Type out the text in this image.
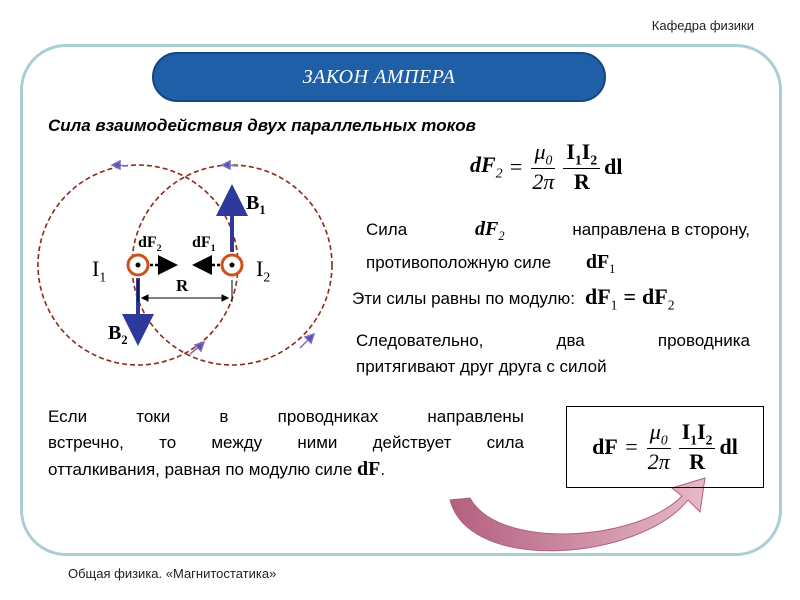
Кафедра физики
ЗАКОН АМПЕРА
Сила взаимодействия двух параллельных токов
$B_1$
$B_2$
$I_1$	$I_2$
$dF_2$ $dF_1$
R
$dF_2 = \frac{\mu_0}{2\pi} \frac{I_1I_2}{R}$ dl
Сила	$dF_2$	направлена в сторону,
противоположную силе $dF_1$
Эти силы равны по модулю: $dF_1 = dF_2$
Следовательно, два проводника
притягивают друг друга с силой
Если токи в проводниках направлены
встречно, то между ними действует сила
отталкивания, равная по модулю силе dF.
dF = $\frac{\mu_0}{2\pi} \frac{I_1I_2}{R}$ dl
Общая физика. «Магнитостатика»
